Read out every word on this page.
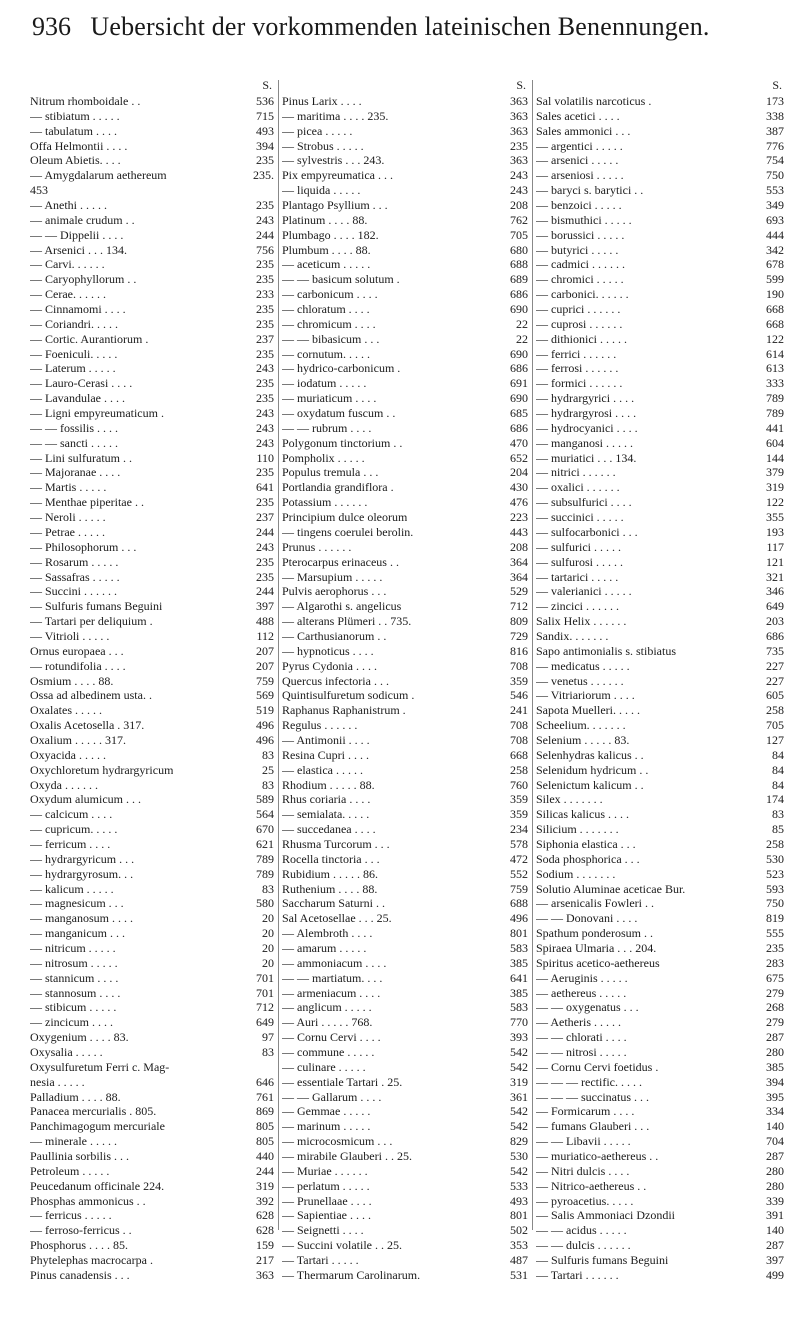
936 Uebersicht der vorkommenden lateinischen Benennungen.
S.
Nitrum rhomboidale . .	536
— stibiatum . . . . .	715
— tabulatum . . . .	493
Offa Helmontii . . . .	394
Oleum Abietis. . . .	235
— Amygdalarum aethereum	235.
453
— Anethi . . . . .	235
— animale crudum . .	243
— — Dippelii . . . .	244
— Arsenici . . . 134.	756
— Carvi. . . . . .	235
— Caryophyllorum . .	235
— Cerae. . . . . .	233
— Cinnamomi . . . .	235
— Coriandri. . . . .	235
— Cortic. Aurantiorum .	237
— Foeniculi. . . . .	235
— Laterum . . . . .	243
— Lauro-Cerasi . . . .	235
— Lavandulae . . . .	235
— Ligni empyreumaticum .	243
— — fossilis . . . .	243
— — sancti . . . . .	243
— Lini sulfuratum . .	110
— Majoranae . . . .	235
— Martis . . . . .	641
— Menthae piperitae . .	235
— Neroli . . . . .	237
— Petrae . . . . .	244
— Philosophorum . . .	243
— Rosarum . . . . .	235
— Sassafras . . . . .	235
— Succini . . . . . .	244
— Sulfuris fumans Beguini	397
— Tartari per deliquium .	488
— Vitrioli . . . . .	112
Ornus europaea . . .	207
— rotundifolia . . . .	207
Osmium . . . . 88.	759
Ossa ad albedinem usta. .	569
Oxalates . . . . .	519
Oxalis Acetosella . 317.	496
Oxalium . . . . . 317.	496
Oxyacida . . . . .	83
Oxychloretum hydrargyricum	25
Oxyda . . . . . .	83
Oxydum alumicum . . .	589
— calcicum . . . .	564
— cupricum. . . . .	670
— ferricum . . . .	621
— hydrargyricum . . .	789
— hydrargyrosum. . .	789
— kalicum . . . . .	83
— magnesicum . . .	580
— manganosum . . . .	20
— manganicum . . .	20
— nitricum . . . . .	20
— nitrosum . . . . .	20
— stannicum . . . .	701
— stannosum . . . .	701
— stibicum . . . . .	712
— zincicum . . . .	649
Oxygenium . . . . 83.	97
Oxysalia . . . . .	83
Oxysulfuretum Ferri c. Mag-
nesia . . . . .	646
Palladium . . . . 88.	761
Panacea mercurialis . 805.	869
Panchimagogum mercuriale	805
— minerale . . . . .	805
Paullinia sorbilis . . .	440
Petroleum . . . . .	244
Peucedanum officinale 224.	319
Phosphas ammonicus . .	392
— ferricus . . . . .	628
— ferroso-ferricus . .	628
Phosphorus . . . . 85.	159
Phytelephas macrocarpa .	217
Pinus canadensis . . .	363
S.
Pinus Larix . . . .	363
— maritima . . . . 235.	363
— picea . . . . .	363
— Strobus . . . . .	235
— sylvestris . . . 243.	363
Pix empyreumatica . . .	243
— liquida . . . . .	243
Plantago Psyllium . . .	208
Platinum . . . . 88.	762
Plumbago . . . . 182.	705
Plumbum . . . . 88.	680
— aceticum . . . . .	688
— — basicum solutum .	689
— carbonicum . . . .	686
— chloratum . . . .	690
— chromicum . . . .	22
— — bibasicum . . .	22
— cornutum. . . . .	690
— hydrico-carbonicum .	686
— iodatum . . . . .	691
— muriaticum . . . .	690
— oxydatum fuscum . .	685
— — rubrum . . . .	686
Polygonum tinctorium . .	470
Pompholix . . . . .	652
Populus tremula . . .	204
Portlandia grandiflora .	430
Potassium . . . . . .	476
Principium dulce oleorum	223
— tingens coerulei berolin.	443
Prunus . . . . . .	208
Pterocarpus erinaceus . .	364
— Marsupium . . . . .	364
Pulvis aerophorus . . .	529
— Algarothi s. angelicus	712
— alterans Plümeri . . 735.	809
— Carthusianorum . .	729
— hypnoticus . . . .	816
Pyrus Cydonia . . . .	708
Quercus infectoria . . .	359
Quintisulfuretum sodicum .	546
Raphanus Raphanistrum .	241
Regulus . . . . . .	708
— Antimonii . . . .	708
Resina Cupri . . . .	668
— elastica . . . . .	258
Rhodium . . . . . 88.	760
Rhus coriaria . . . .	359
— semialata. . . . .	359
— succedanea . . . .	234
Rhusma Turcorum . . .	578
Rocella tinctoria . . .	472
Rubidium . . . . . 86.	552
Ruthenium . . . . 88.	759
Saccharum Saturni . .	688
Sal Acetosellae . . . 25.	496
— Alembroth . . . .	801
— amarum . . . . .	583
— ammoniacum . . . .	385
— — martiatum. . . .	641
— armeniacum . . . .	385
— anglicum . . . . .	583
— Auri . . . . . 768.	770
— Cornu Cervi . . . .	393
— commune . . . . .	542
— culinare . . . . .	542
— essentiale Tartari . 25.	319
— — Gallarum . . . .	361
— Gemmae . . . . .	542
— marinum . . . . .	542
— microcosmicum . . .	829
— mirabile Glauberi . . 25.	530
— Muriae . . . . . .	542
— perlatum . . . . .	533
— Prunellaae . . . .	493
— Sapientiae . . . .	801
— Seignetti . . . .	502
— Succini volatile . . 25.	353
— Tartari . . . . .	487
— Thermarum Carolinarum.	531
S.
Sal volatilis narcoticus .	173
Sales acetici . . . .	338
Sales ammonici . . .	387
— argentici . . . . .	776
— arsenici . . . . .	754
— arseniosi . . . . .	750
— baryci s. barytici . .	553
— benzoici . . . . .	349
— bismuthici . . . . .	693
— borussici . . . . .	444
— butyrici . . . . .	342
— cadmici . . . . . .	678
— chromici . . . . .	599
— carbonici. . . . . .	190
— cuprici . . . . . .	668
— cuprosi . . . . . .	668
— dithionici . . . . .	122
— ferrici . . . . . .	614
— ferrosi . . . . . .	613
— formici . . . . . .	333
— hydrargyrici . . . .	789
— hydrargyrosi . . . .	789
— hydrocyanici . . . .	441
— manganosi . . . . .	604
— muriatici . . . 134.	144
— nitrici . . . . . .	379
— oxalici . . . . . .	319
— subsulfurici . . . .	122
— succinici . . . . .	355
— sulfocarbonici . . .	193
— sulfurici . . . . .	117
— sulfurosi . . . . .	121
— tartarici . . . . .	321
— valerianici . . . . .	346
— zincici . . . . . .	649
Salix Helix . . . . . .	203
Sandix. . . . . . .	686
Sapo antimonialis s. stibiatus	735
— medicatus . . . . .	227
— venetus . . . . . .	227
— Vitriariorum . . . .	605
Sapota Muelleri. . . . .	258
Scheelium. . . . . . .	705
Selenium . . . . . 83.	127
Selenhydras kalicus . .	84
Selenidum hydricum . .	84
Selenictum kalicum . .	84
Silex . . . . . . .	174
Silicas kalicus . . . .	83
Silicium . . . . . . .	85
Siphonia elastica . . .	258
Soda phosphorica . . .	530
Sodium . . . . . . .	523
Solutio Aluminae aceticae Bur.	593
— arsenicalis Fowleri . .	750
— — Donovani . . . .	819
Spathum ponderosum . .	555
Spiraea Ulmaria . . . 204.	235
Spiritus acetico-aethereus	283
— Aeruginis . . . . .	675
— aethereus . . . . .	279
— — oxygenatus . . .	268
— Aetheris . . . . .	279
— — chlorati . . . .	287
— — nitrosi . . . . .	280
— Cornu Cervi foetidus .	385
— — — rectific. . . . .	394
— — — succinatus . . .	395
— Formicarum . . . .	334
— fumans Glauberi . . .	140
— — Libavii . . . . .	704
— muriatico-aethereus . .	287
— Nitri dulcis . . . .	280
— Nitrico-aethereus . .	280
— pyroacetius. . . . .	339
— Salis Ammoniaci Dzondii	391
— — acidus . . . . .	140
— — dulcis . . . . . .	287
— Sulfuris fumans Beguini	397
— Tartari . . . . . .	499
